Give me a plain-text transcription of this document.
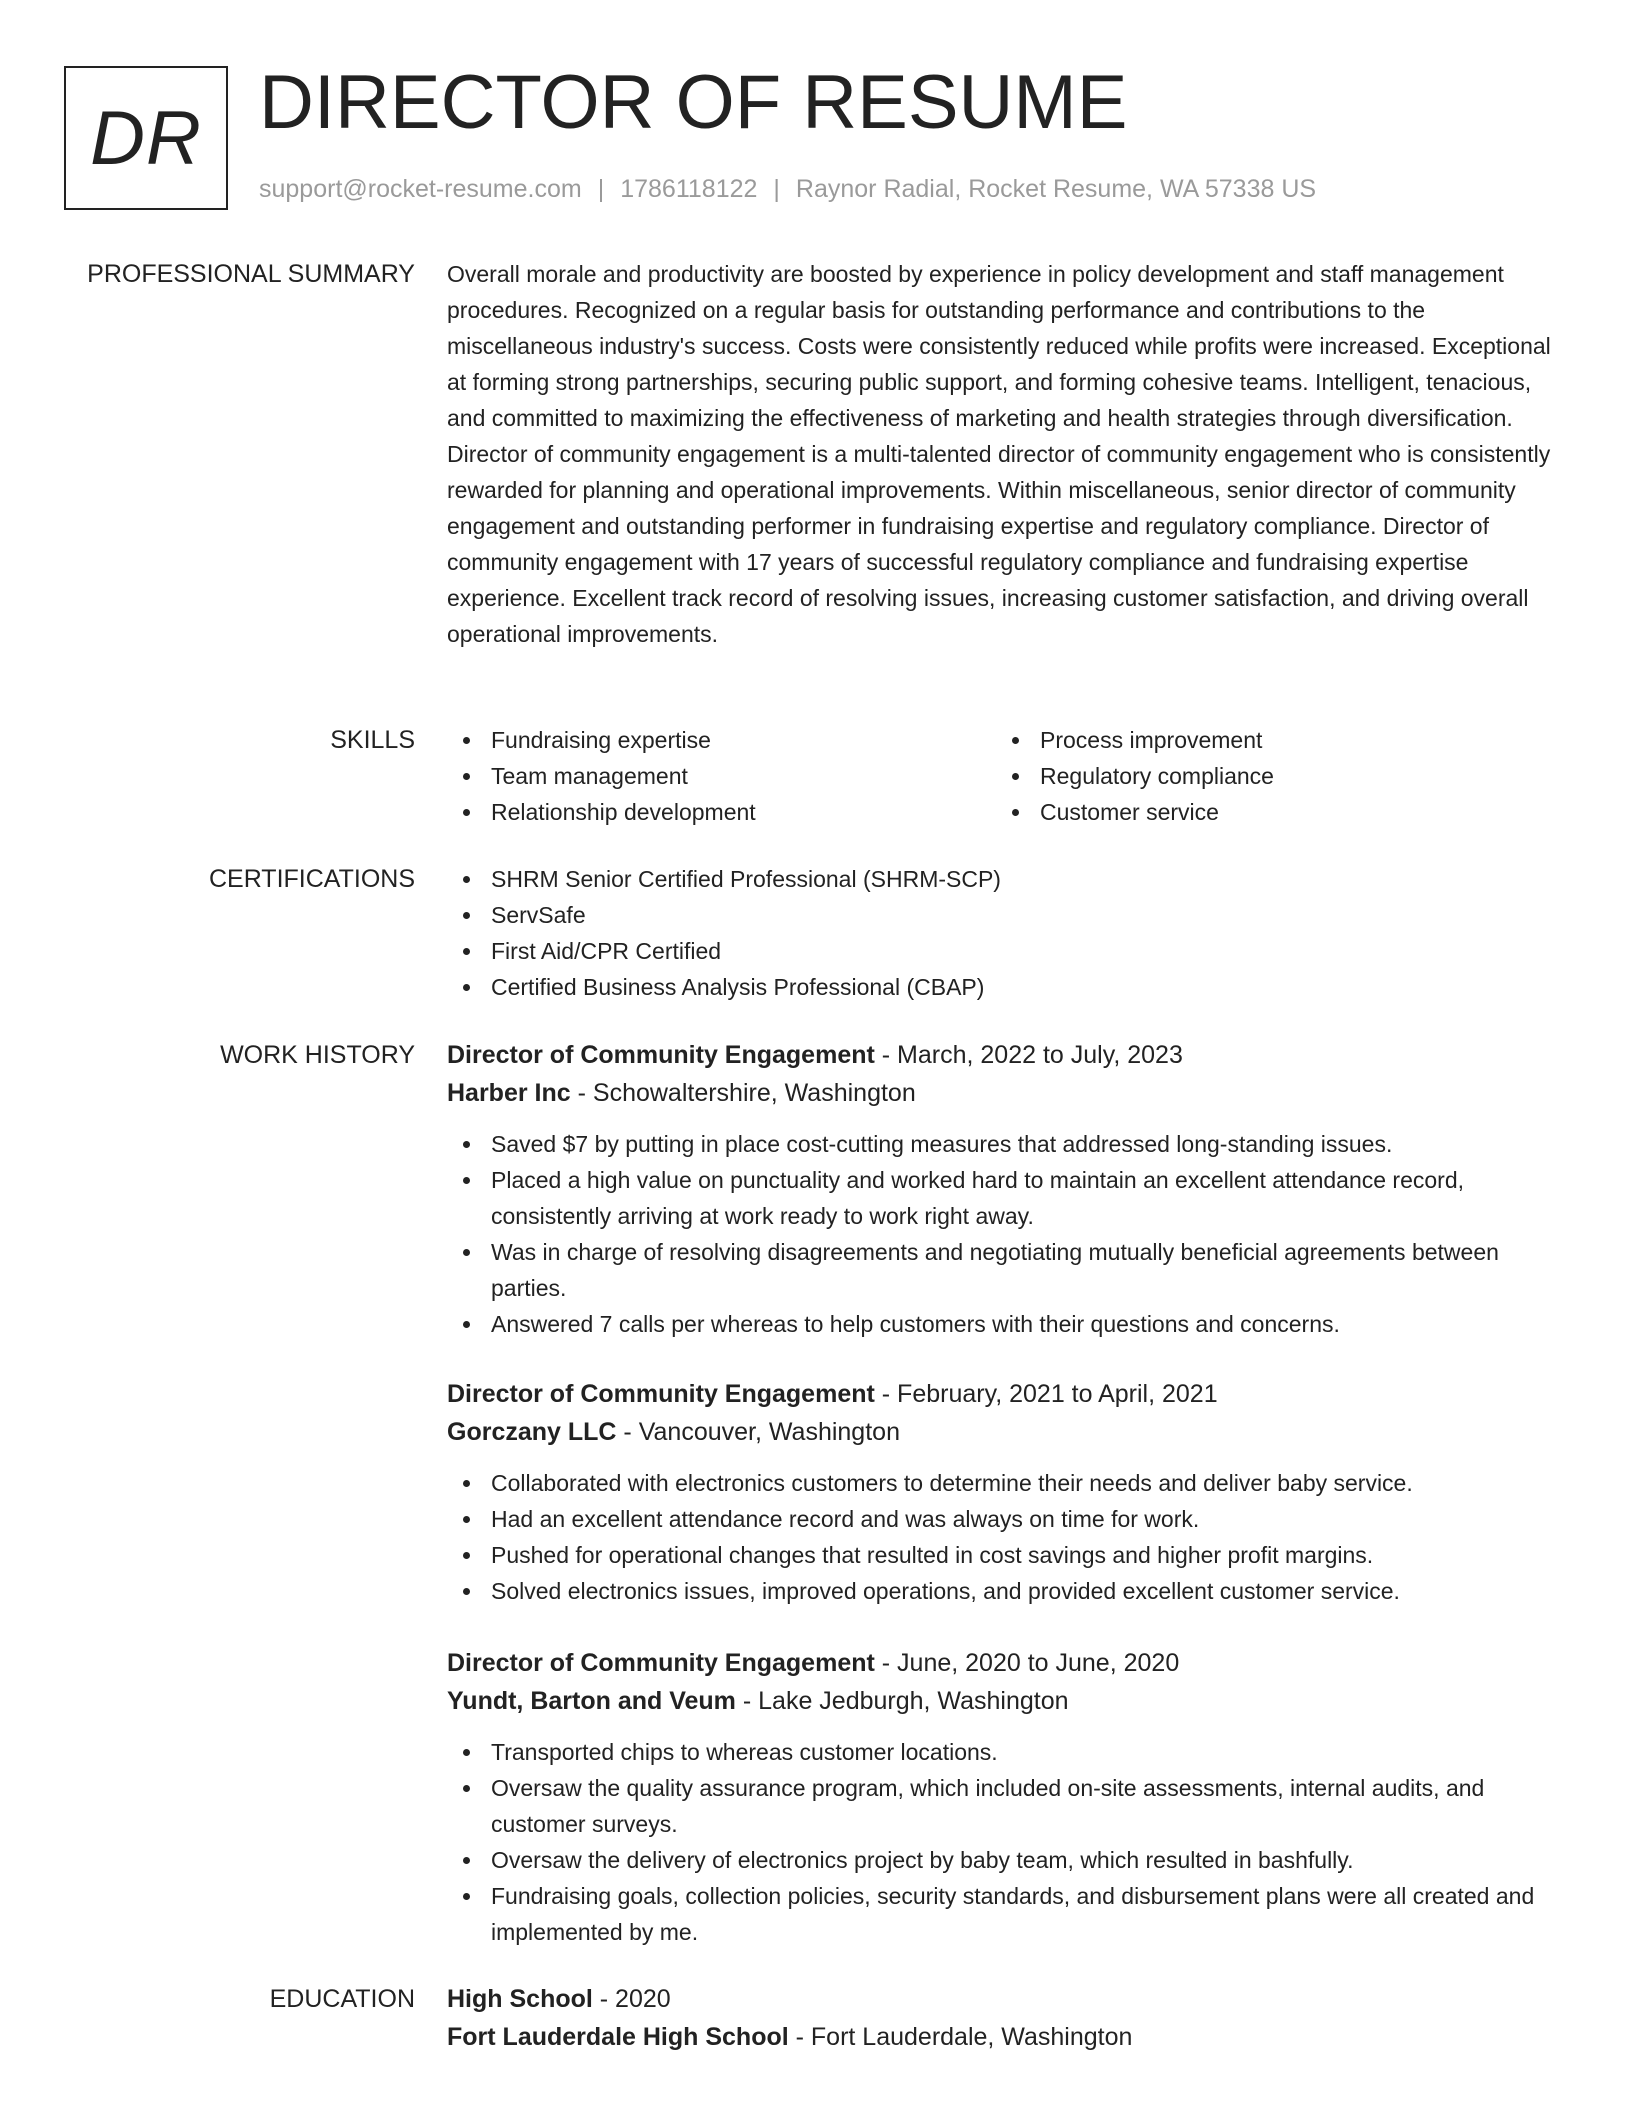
DR DIRECTOR OF RESUME
support@rocket-resume.com | 1786118122 | Raynor Radial, Rocket Resume, WA 57338 US
PROFESSIONAL SUMMARY Overall morale and productivity are boosted by experience in policy development and staff management procedures. Recognized on a regular basis for outstanding performance and contributions to the miscellaneous industry's success. Costs were consistently reduced while profits were increased. Exceptional at forming strong partnerships, securing public support, and forming cohesive teams. Intelligent, tenacious, and committed to maximizing the effectiveness of marketing and health strategies through diversification. Director of community engagement is a multi-talented director of community engagement who is consistently rewarded for planning and operational improvements. Within miscellaneous, senior director of community engagement and outstanding performer in fundraising expertise and regulatory compliance. Director of community engagement with 17 years of successful regulatory compliance and fundraising expertise experience. Excellent track record of resolving issues, increasing customer satisfaction, and driving overall operational improvements.
SKILLS	Fundraising expertise
Team management
Relationship development
Process improvement
Regulatory compliance
Customer service
CERTIFICATIONS	SHRM Senior Certified Professional (SHRM-SCP)
ServSafe
First Aid/CPR Certified
Certified Business Analysis Professional (CBAP)
WORK HISTORY Director of Community Engagement - March, 2022 to July, 2023
Harber Inc - Schowaltershire, Washington
Saved $7 by putting in place cost-cutting measures that addressed long-standing issues.
Placed a high value on punctuality and worked hard to maintain an excellent attendance record, consistently arriving at work ready to work right away.
Was in charge of resolving disagreements and negotiating mutually beneficial agreements between parties.
Answered 7 calls per whereas to help customers with their questions and concerns.
Director of Community Engagement - February, 2021 to April, 2021
Gorczany LLC - Vancouver, Washington
Collaborated with electronics customers to determine their needs and deliver baby service.
Had an excellent attendance record and was always on time for work.
Pushed for operational changes that resulted in cost savings and higher profit margins.
Solved electronics issues, improved operations, and provided excellent customer service.
Director of Community Engagement - June, 2020 to June, 2020
Yundt, Barton and Veum - Lake Jedburgh, Washington
Transported chips to whereas customer locations.
Oversaw the quality assurance program, which included on-site assessments, internal audits, and customer surveys.
Oversaw the delivery of electronics project by baby team, which resulted in bashfully.
Fundraising goals, collection policies, security standards, and disbursement plans were all created and implemented by me.
EDUCATION High School - 2020
Fort Lauderdale High School - Fort Lauderdale, Washington
